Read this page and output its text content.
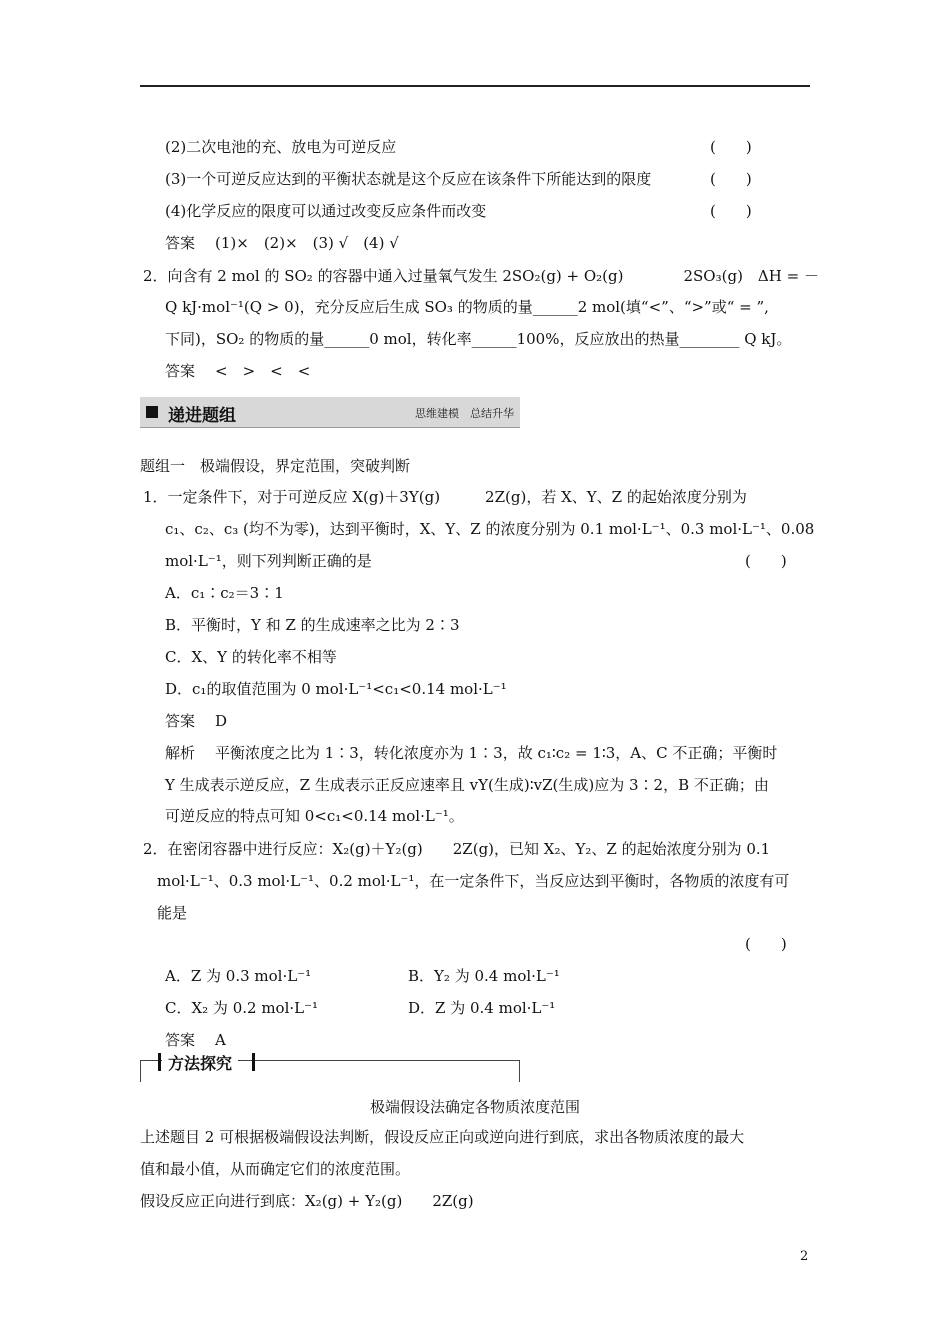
(2)二次电池的充、放电为可逆反应	(　　)
(3)一个可逆反应达到的平衡状态就是这个反应在该条件下所能达到的限度	(　　)
(4)化学反应的限度可以通过改变反应条件而改变	(　　)
答案 (1)×　(2)×　(3) √　(4) √
2．向含有 2 mol 的 SO₂ 的容器中通入过量氧气发生 2SO₂(g) + O₂(g)　　　　2SO₃(g)　ΔH = －
Q kJ·mol⁻¹(Q > 0)，充分反应后生成 SO₃ 的物质的量______2 mol(填“<”、“>”或“ = ”,
下同)，SO₂ 的物质的量______0 mol，转化率______100%，反应放出的热量________ Q kJ。
答案 <　>　<　<
递进题组	思维建模　总结升华
题组一　极端假设，界定范围，突破判断
1．一定条件下，对于可逆反应 X(g)＋3Y(g)　　　2Z(g)，若 X、Y、Z 的起始浓度分别为
c₁、c₂、c₃ (均不为零)，达到平衡时，X、Y、Z 的浓度分别为 0.1 mol·L⁻¹、0.3 mol·L⁻¹、0.08
mol·L⁻¹，则下列判断正确的是	(　　)
A．c₁∶c₂＝3∶1
B．平衡时，Y 和 Z 的生成速率之比为 2∶3
C．X、Y 的转化率不相等
D．c₁的取值范围为 0 mol·L⁻¹<c₁<0.14 mol·L⁻¹
答案 D
解析 平衡浓度之比为 1∶3，转化浓度亦为 1∶3，故 c₁∶c₂ = 1∶3，A、C 不正确；平衡时
Y 生成表示逆反应，Z 生成表示正反应速率且 vY(生成)∶vZ(生成)应为 3∶2，B 不正确；由
可逆反应的特点可知 0<c₁<0.14 mol·L⁻¹。
2．在密闭容器中进行反应：X₂(g)＋Y₂(g)　　2Z(g)，已知 X₂、Y₂、Z 的起始浓度分别为 0.1
mol·L⁻¹、0.3 mol·L⁻¹、0.2 mol·L⁻¹，在一定条件下，当反应达到平衡时，各物质的浓度有可
能是
(　　)
A．Z 为 0.3 mol·L⁻¹	B．Y₂ 为 0.4 mol·L⁻¹
C．X₂ 为 0.2 mol·L⁻¹	D．Z 为 0.4 mol·L⁻¹
答案 A
方法探究
极端假设法确定各物质浓度范围
上述题目 2 可根据极端假设法判断，假设反应正向或逆向进行到底，求出各物质浓度的最大
值和最小值，从而确定它们的浓度范围。
假设反应正向进行到底：X₂(g) + Y₂(g)　　2Z(g)
2
